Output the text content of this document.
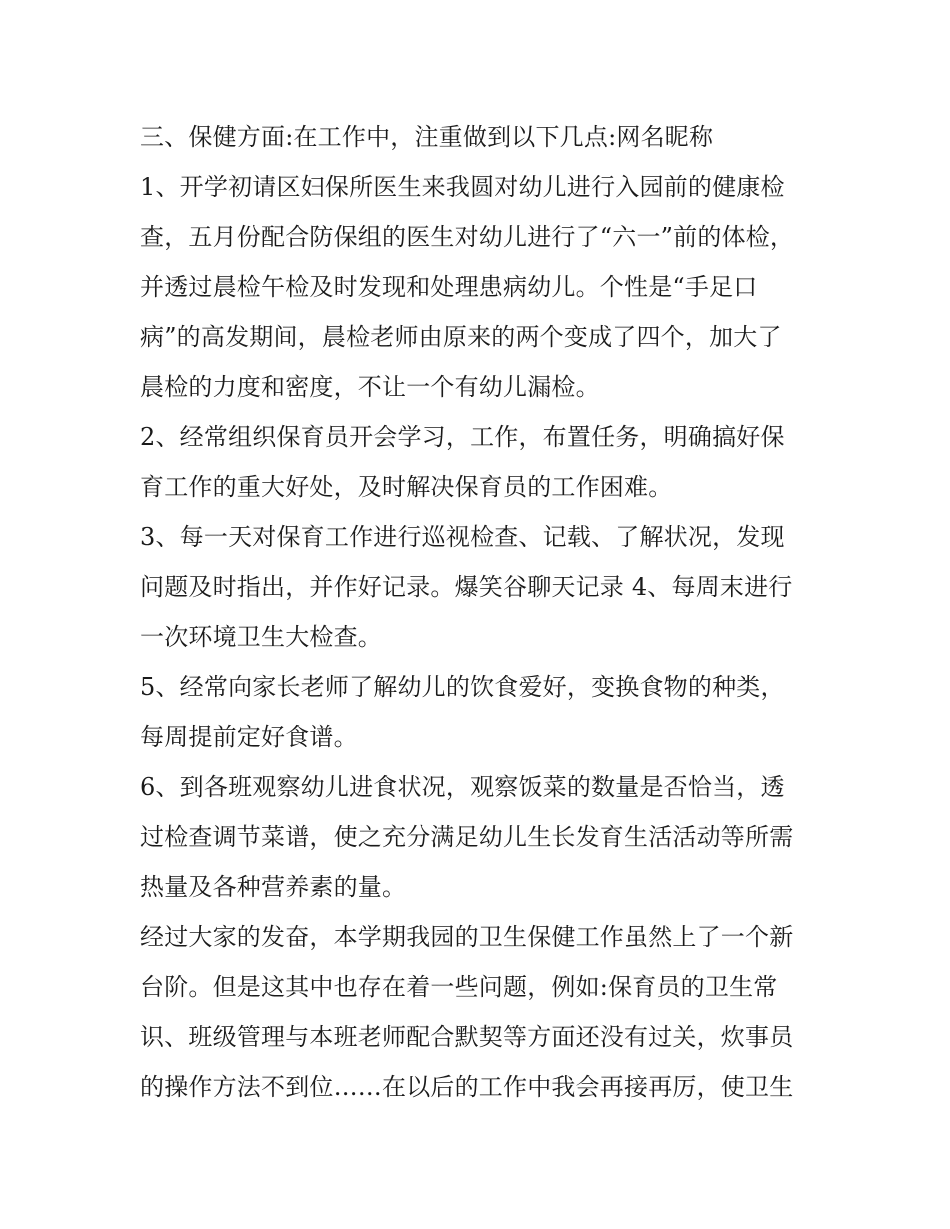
三、保健方面:在工作中，注重做到以下几点:网名昵称
1、开学初请区妇保所医生来我圆对幼儿进行入园前的健康检
查，五月份配合防保组的医生对幼儿进行了“六一”前的体检，
并透过晨检午检及时发现和处理患病幼儿。个性是“手足口
病”的高发期间，晨检老师由原来的两个变成了四个，加大了
晨检的力度和密度，不让一个有幼儿漏检。
2、经常组织保育员开会学习，工作，布置任务，明确搞好保
育工作的重大好处，及时解决保育员的工作困难。
3、每一天对保育工作进行巡视检查、记载、了解状况，发现
问题及时指出，并作好记录。爆笑谷聊天记录 4、每周末进行
一次环境卫生大检查。
5、经常向家长老师了解幼儿的饮食爱好，变换食物的种类，
每周提前定好食谱。
6、到各班观察幼儿进食状况，观察饭菜的数量是否恰当，透
过检查调节菜谱，使之充分满足幼儿生长发育生活活动等所需
热量及各种营养素的量。
经过大家的发奋，本学期我园的卫生保健工作虽然上了一个新
台阶。但是这其中也存在着一些问题，例如:保育员的卫生常
识、班级管理与本班老师配合默契等方面还没有过关，炊事员
的操作方法不到位……在以后的工作中我会再接再厉，使卫生
